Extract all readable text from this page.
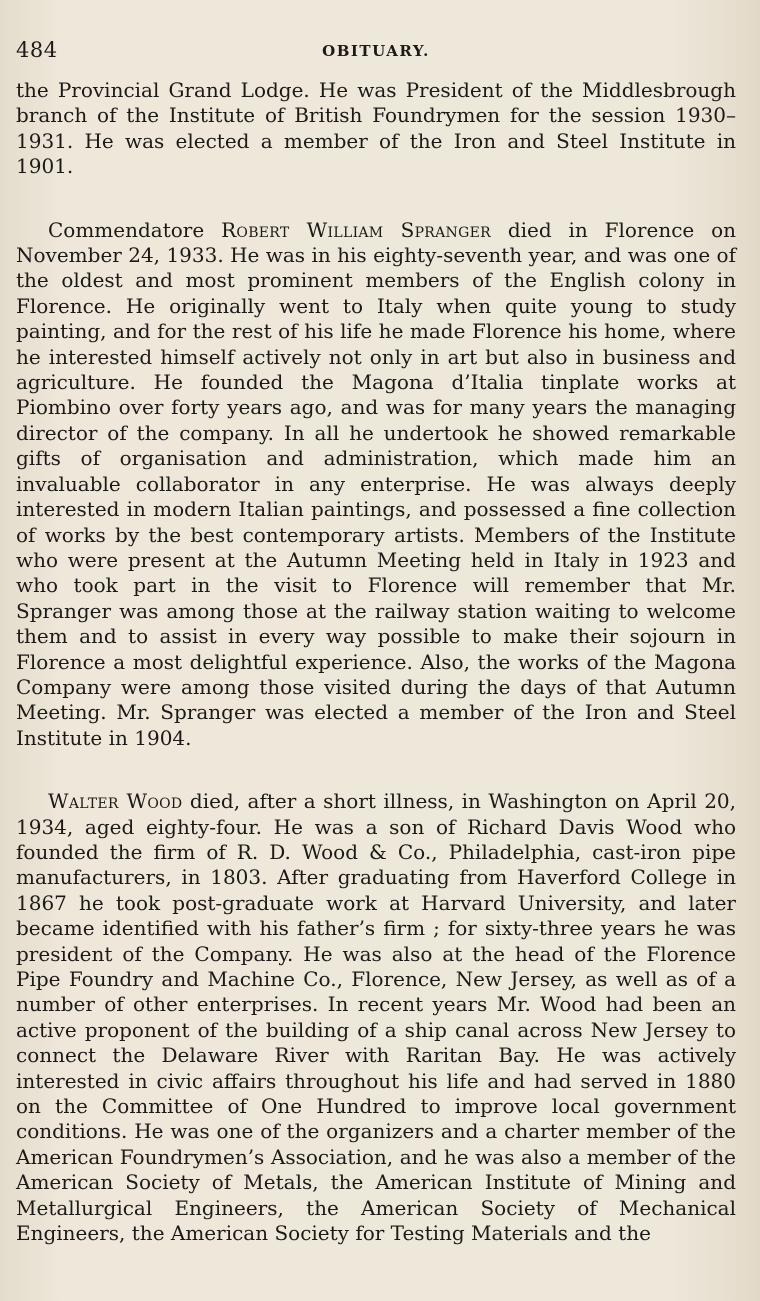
484	OBITUARY.

the Provincial Grand Lodge. He was President of the Middlesbrough branch of the Institute of British Foundrymen for the session 1930–1931. He was elected a member of the Iron and Steel Institute in 1901.

Commendatore Robert William Spranger died in Florence on November 24, 1933. He was in his eighty-seventh year, and was one of the oldest and most prominent members of the English colony in Florence. He originally went to Italy when quite young to study painting, and for the rest of his life he made Florence his home, where he interested himself actively not only in art but also in business and agriculture. He founded the Magona d’Italia tinplate works at Piombino over forty years ago, and was for many years the managing director of the company. In all he undertook he showed remarkable gifts of organisation and administration, which made him an invaluable collaborator in any enterprise. He was always deeply interested in modern Italian paintings, and possessed a fine collection of works by the best contemporary artists. Members of the Institute who were present at the Autumn Meeting held in Italy in 1923 and who took part in the visit to Florence will remember that Mr. Spranger was among those at the railway station waiting to welcome them and to assist in every way possible to make their sojourn in Florence a most delightful experience. Also, the works of the Magona Company were among those visited during the days of that Autumn Meeting. Mr. Spranger was elected a member of the Iron and Steel Institute in 1904.

Walter Wood died, after a short illness, in Washington on April 20, 1934, aged eighty-four. He was a son of Richard Davis Wood who founded the firm of R. D. Wood & Co., Philadelphia, cast-iron pipe manufacturers, in 1803. After graduating from Haverford College in 1867 he took post-graduate work at Harvard University, and later became identified with his father’s firm ; for sixty-three years he was president of the Company. He was also at the head of the Florence Pipe Foundry and Machine Co., Florence, New Jersey, as well as of a number of other enterprises. In recent years Mr. Wood had been an active proponent of the building of a ship canal across New Jersey to connect the Delaware River with Raritan Bay. He was actively interested in civic affairs throughout his life and had served in 1880 on the Committee of One Hundred to improve local government conditions. He was one of the organizers and a charter member of the American Foundrymen’s Association, and he was also a member of the American Society of Metals, the American Institute of Mining and Metallurgical Engineers, the American Society of Mechanical Engineers, the American Society for Testing Materials and the
